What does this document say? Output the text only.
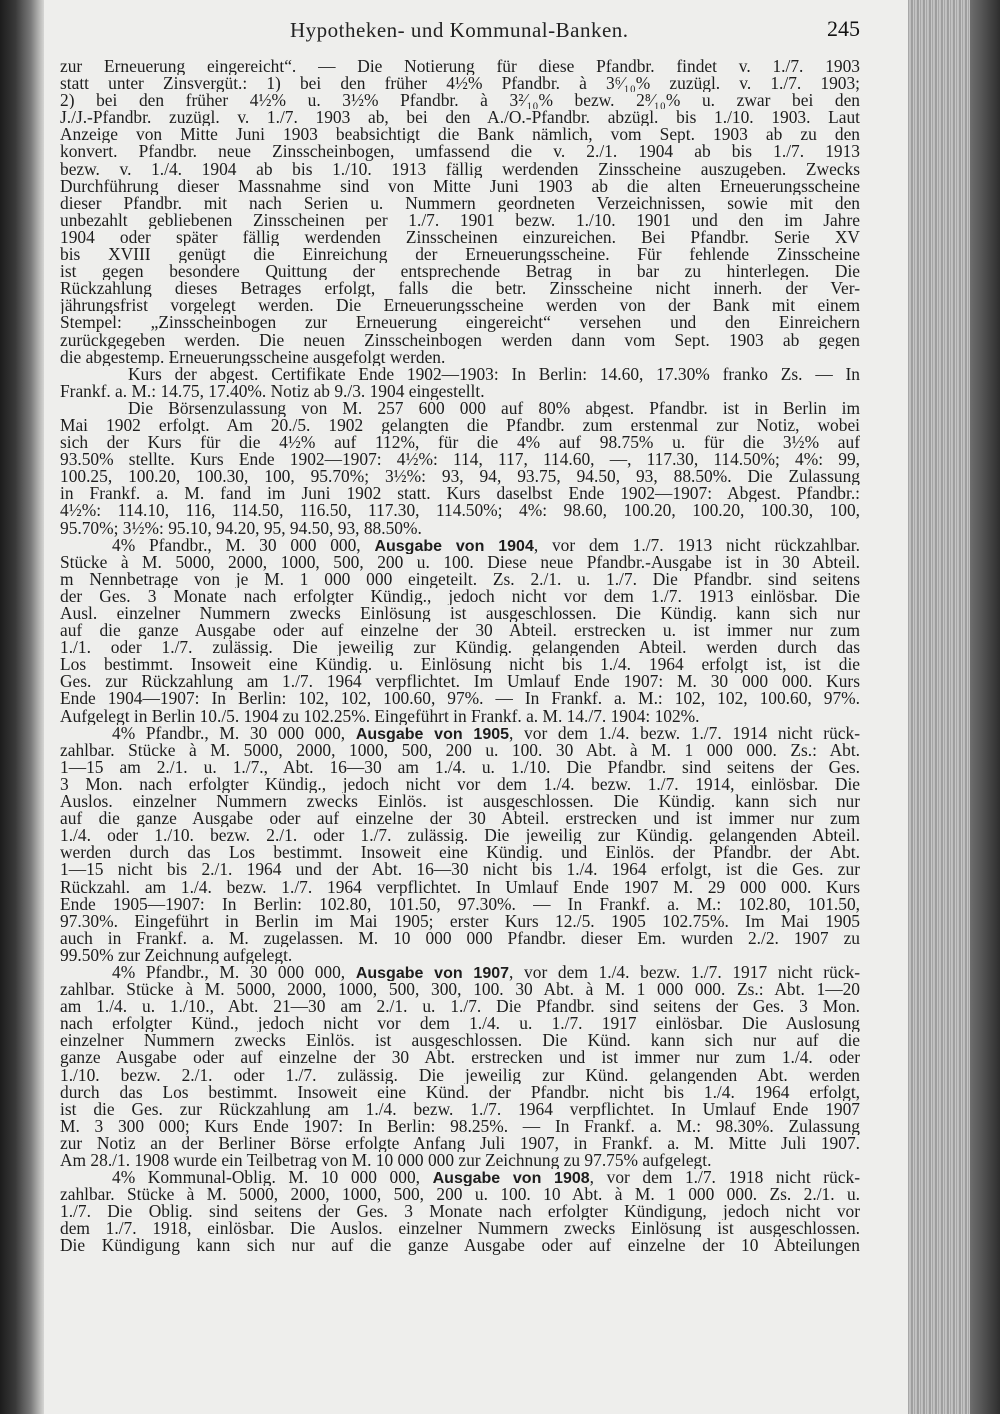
Hypotheken- und Kommunal-Banken.	245
zur Erneuerung eingereicht“. — Die Notierung für diese Pfandbr. findet v. 1./7. 1903
statt unter Zinsvergüt.: 1) bei den früher 4½% Pfandbr. à 3⁶⁄₁₀% zuzügl. v. 1./7. 1903;
2) bei den früher 4½% u. 3½% Pfandbr. à 3²⁄₁₀% bezw. 2⁸⁄₁₀% u. zwar bei den
J./J.-Pfandbr. zuzügl. v. 1./7. 1903 ab, bei den A./O.-Pfandbr. abzügl. bis 1./10. 1903. Laut
Anzeige von Mitte Juni 1903 beabsichtigt die Bank nämlich, vom Sept. 1903 ab zu den
konvert. Pfandbr. neue Zinsscheinbogen, umfassend die v. 2./1. 1904 ab bis 1./7. 1913
bezw. v. 1./4. 1904 ab bis 1./10. 1913 fällig werdenden Zinsscheine auszugeben. Zwecks
Durchführung dieser Massnahme sind von Mitte Juni 1903 ab die alten Erneuerungsscheine
dieser Pfandbr. mit nach Serien u. Nummern geordneten Verzeichnissen, sowie mit den
unbezahlt gebliebenen Zinsscheinen per 1./7. 1901 bezw. 1./10. 1901 und den im Jahre
1904 oder später fällig werdenden Zinsscheinen einzureichen. Bei Pfandbr. Serie XV
bis XVIII genügt die Einreichung der Erneuerungsscheine. Für fehlende Zinsscheine
ist gegen besondere Quittung der entsprechende Betrag in bar zu hinterlegen. Die
Rückzahlung dieses Betrages erfolgt, falls die betr. Zinsscheine nicht innerh. der Ver-
jährungsfrist vorgelegt werden. Die Erneuerungsscheine werden von der Bank mit einem
Stempel: „Zinsscheinbogen zur Erneuerung eingereicht“ versehen und den Einreichern
zurückgegeben werden. Die neuen Zinsscheinbogen werden dann vom Sept. 1903 ab gegen
die abgestemp. Erneuerungsscheine ausgefolgt werden.
Kurs der abgest. Certifikate Ende 1902—1903: In Berlin: 14.60, 17.30% franko Zs. — In
Frankf. a. M.: 14.75, 17.40%. Notiz ab 9./3. 1904 eingestellt.
Die Börsenzulassung von M. 257 600 000 auf 80% abgest. Pfandbr. ist in Berlin im
Mai 1902 erfolgt. Am 20./5. 1902 gelangten die Pfandbr. zum erstenmal zur Notiz, wobei
sich der Kurs für die 4½% auf 112%, für die 4% auf 98.75% u. für die 3½% auf
93.50% stellte. Kurs Ende 1902—1907: 4½%: 114, 117, 114.60, —, 117.30, 114.50%; 4%: 99,
100.25, 100.20, 100.30, 100, 95.70%; 3½%: 93, 94, 93.75, 94.50, 93, 88.50%. Die Zulassung
in Frankf. a. M. fand im Juni 1902 statt. Kurs daselbst Ende 1902—1907: Abgest. Pfandbr.:
4½%: 114.10, 116, 114.50, 116.50, 117.30, 114.50%; 4%: 98.60, 100.20, 100.20, 100.30, 100,
95.70%; 3½%: 95.10, 94.20, 95, 94.50, 93, 88.50%.
4% Pfandbr., M. 30 000 000, Ausgabe von 1904, vor dem 1./7. 1913 nicht rückzahlbar.
Stücke à M. 5000, 2000, 1000, 500, 200 u. 100. Diese neue Pfandbr.-Ausgabe ist in 30 Abteil.
m Nennbetrage von je M. 1 000 000 eingeteilt. Zs. 2./1. u. 1./7. Die Pfandbr. sind seitens
der Ges. 3 Monate nach erfolgter Kündig., jedoch nicht vor dem 1./7. 1913 einlösbar. Die
Ausl. einzelner Nummern zwecks Einlösung ist ausgeschlossen. Die Kündig. kann sich nur
auf die ganze Ausgabe oder auf einzelne der 30 Abteil. erstrecken u. ist immer nur zum
1./1. oder 1./7. zulässig. Die jeweilig zur Kündig. gelangenden Abteil. werden durch das
Los bestimmt. Insoweit eine Kündig. u. Einlösung nicht bis 1./4. 1964 erfolgt ist, ist die
Ges. zur Rückzahlung am 1./7. 1964 verpflichtet. Im Umlauf Ende 1907: M. 30 000 000. Kurs
Ende 1904—1907: In Berlin: 102, 102, 100.60, 97%. — In Frankf. a. M.: 102, 102, 100.60, 97%.
Aufgelegt in Berlin 10./5. 1904 zu 102.25%. Eingeführt in Frankf. a. M. 14./7. 1904: 102%.
4% Pfandbr., M. 30 000 000, Ausgabe von 1905, vor dem 1./4. bezw. 1./7. 1914 nicht rück-
zahlbar. Stücke à M. 5000, 2000, 1000, 500, 200 u. 100. 30 Abt. à M. 1 000 000. Zs.: Abt.
1—15 am 2./1. u. 1./7., Abt. 16—30 am 1./4. u. 1./10. Die Pfandbr. sind seitens der Ges.
3 Mon. nach erfolgter Kündig., jedoch nicht vor dem 1./4. bezw. 1./7. 1914, einlösbar. Die
Auslos. einzelner Nummern zwecks Einlös. ist ausgeschlossen. Die Kündig. kann sich nur
auf die ganze Ausgabe oder auf einzelne der 30 Abteil. erstrecken und ist immer nur zum
1./4. oder 1./10. bezw. 2./1. oder 1./7. zulässig. Die jeweilig zur Kündig. gelangenden Abteil.
werden durch das Los bestimmt. Insoweit eine Kündig. und Einlös. der Pfandbr. der Abt.
1—15 nicht bis 2./1. 1964 und der Abt. 16—30 nicht bis 1./4. 1964 erfolgt, ist die Ges. zur
Rückzahl. am 1./4. bezw. 1./7. 1964 verpflichtet. In Umlauf Ende 1907 M. 29 000 000. Kurs
Ende 1905—1907: In Berlin: 102.80, 101.50, 97.30%. — In Frankf. a. M.: 102.80, 101.50,
97.30%. Eingeführt in Berlin im Mai 1905; erster Kurs 12./5. 1905 102.75%. Im Mai 1905
auch in Frankf. a. M. zugelassen. M. 10 000 000 Pfandbr. dieser Em. wurden 2./2. 1907 zu
99.50% zur Zeichnung aufgelegt.
4% Pfandbr., M. 30 000 000, Ausgabe von 1907, vor dem 1./4. bezw. 1./7. 1917 nicht rück-
zahlbar. Stücke à M. 5000, 2000, 1000, 500, 300, 100. 30 Abt. à M. 1 000 000. Zs.: Abt. 1—20
am 1./4. u. 1./10., Abt. 21—30 am 2./1. u. 1./7. Die Pfandbr. sind seitens der Ges. 3 Mon.
nach erfolgter Künd., jedoch nicht vor dem 1./4. u. 1./7. 1917 einlösbar. Die Auslosung
einzelner Nummern zwecks Einlös. ist ausgeschlossen. Die Künd. kann sich nur auf die
ganze Ausgabe oder auf einzelne der 30 Abt. erstrecken und ist immer nur zum 1./4. oder
1./10. bezw. 2./1. oder 1./7. zulässig. Die jeweilig zur Künd. gelangenden Abt. werden
durch das Los bestimmt. Insoweit eine Künd. der Pfandbr. nicht bis 1./4. 1964 erfolgt,
ist die Ges. zur Rückzahlung am 1./4. bezw. 1./7. 1964 verpflichtet. In Umlauf Ende 1907
M. 3 300 000; Kurs Ende 1907: In Berlin: 98.25%. — In Frankf. a. M.: 98.30%. Zulassung
zur Notiz an der Berliner Börse erfolgte Anfang Juli 1907, in Frankf. a. M. Mitte Juli 1907.
Am 28./1. 1908 wurde ein Teilbetrag von M. 10 000 000 zur Zeichnung zu 97.75% aufgelegt.
4% Kommunal-Oblig. M. 10 000 000, Ausgabe von 1908, vor dem 1./7. 1918 nicht rück-
zahlbar. Stücke à M. 5000, 2000, 1000, 500, 200 u. 100. 10 Abt. à M. 1 000 000. Zs. 2./1. u.
1./7. Die Oblig. sind seitens der Ges. 3 Monate nach erfolgter Kündigung, jedoch nicht vor
dem 1./7. 1918, einlösbar. Die Auslos. einzelner Nummern zwecks Einlösung ist ausgeschlossen.
Die Kündigung kann sich nur auf die ganze Ausgabe oder auf einzelne der 10 Abteilungen
